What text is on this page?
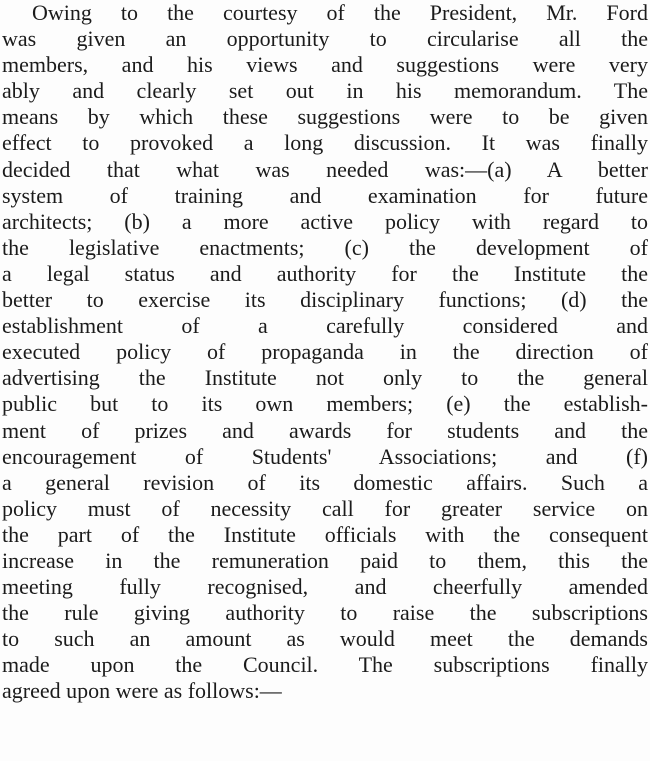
Owing to the courtesy of the President, Mr. Ford
was given an opportunity to circularise all the
members, and his views and suggestions were very
ably and clearly set out in his memorandum. The
means by which these suggestions were to be given
effect to provoked a long discussion. It was finally
decided that what was needed was:—(a) A better
system of training and examination for future
architects; (b) a more active policy with regard to
the legislative enactments; (c) the development of
a legal status and authority for the Institute the
better to exercise its disciplinary functions; (d) the
establishment of a carefully considered and
executed policy of propaganda in the direction of
advertising the Institute not only to the general
public but to its own members; (e) the establish-
ment of prizes and awards for students and the
encouragement of Students' Associations; and (f)
a general revision of its domestic affairs. Such a
policy must of necessity call for greater service on
the part of the Institute officials with the consequent
increase in the remuneration paid to them, this the
meeting fully recognised, and cheerfully amended
the rule giving authority to raise the subscriptions
to such an amount as would meet the demands
made upon the Council. The subscriptions finally
agreed upon were as follows:—
